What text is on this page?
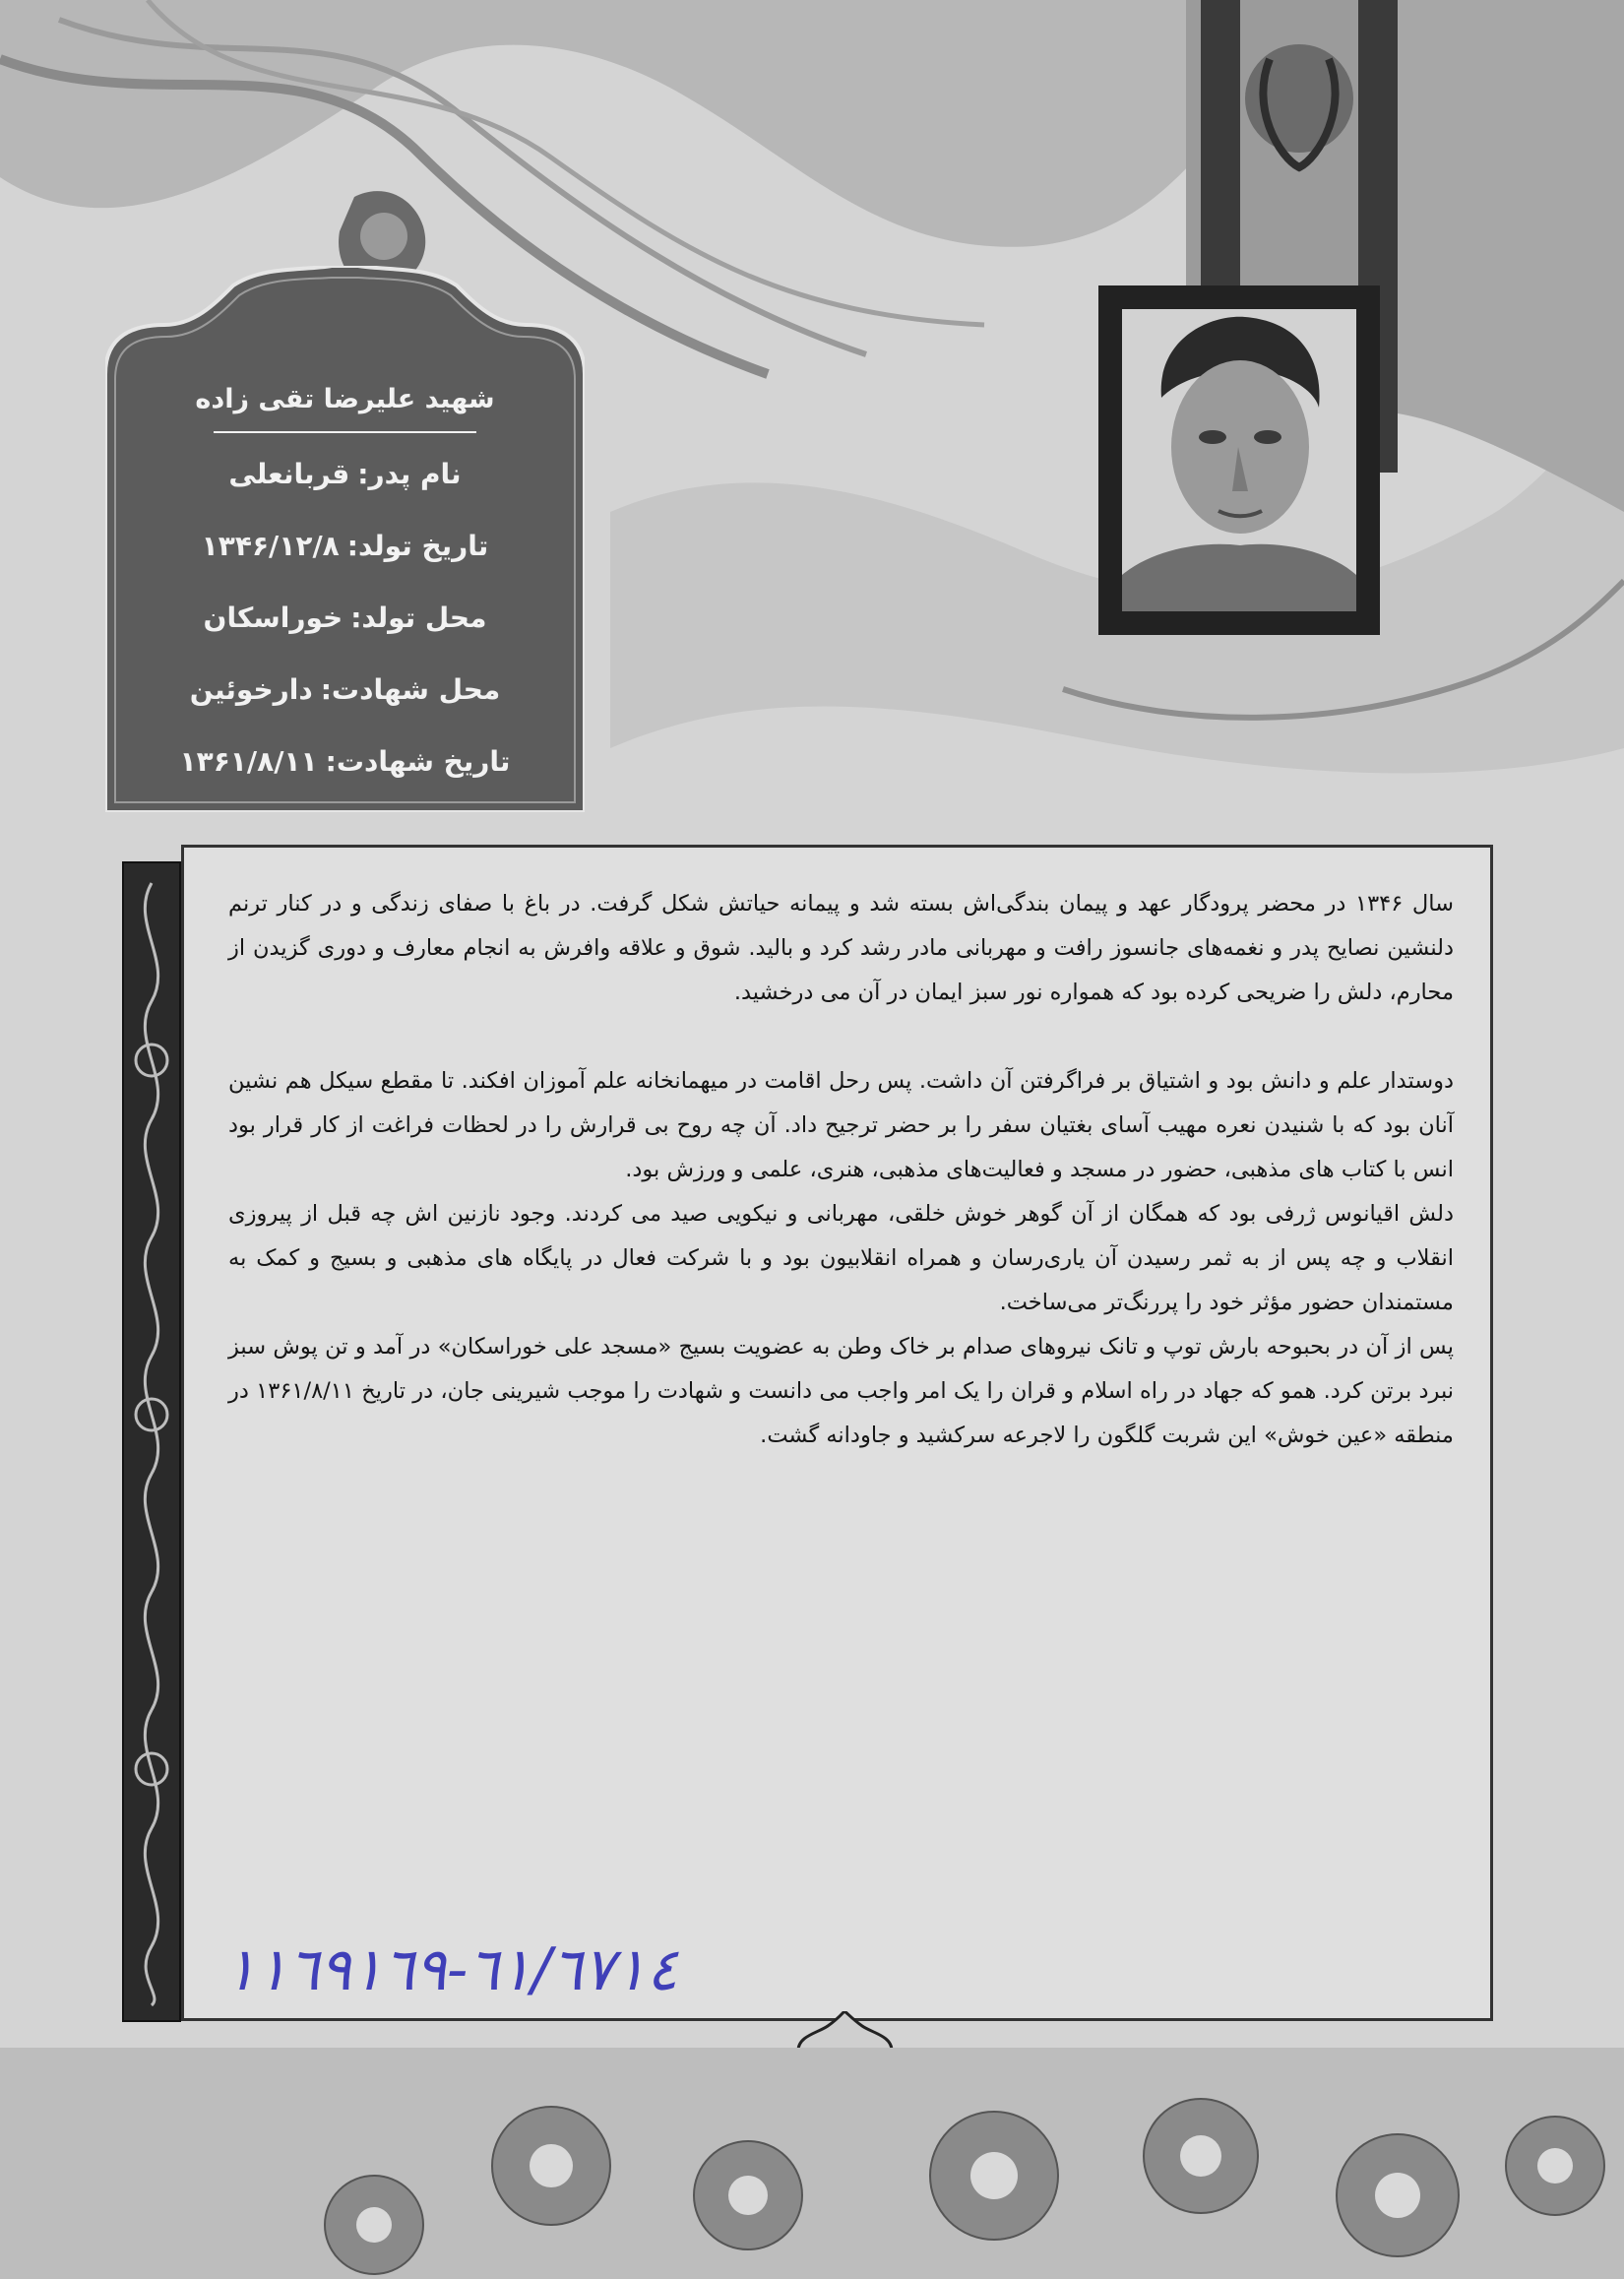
شهید علیرضا تقی زاده
نام پدر:قربانعلی
تاریخ تولد:۱۳۴۶/۱۲/۸
محل تولد:خوراسکان
محل شهادت:دارخوئین
تاریخ شهادت:۱۳۶۱/۸/۱۱

سال ۱۳۴۶ در محضر پرودگار عهد و پیمان بندگی‌اش بسته شد و پیمانه حیاتش شکل گرفت. در باغ با صفای زندگی و در کنار ترنم دلنشین نصایح پدر و نغمه‌های جانسوز رافت و مهربانی مادر رشد کرد و بالید. شوق و علاقه وافرش به انجام معارف و دوری گزیدن از محارم، دلش را ضریحی کرده بود که همواره نور سبز ایمان در آن می درخشید.

دوستدار علم و دانش بود و اشتیاق بر فراگرفتن آن داشت. پس رحل اقامت در میهمانخانه علم آموزان افکند. تا مقطع سیکل هم نشین آنان بود که با شنیدن نعره مهیب آسای بغتیان سفر را بر حضر ترجیح داد. آن چه روح بی قرارش را در لحظات فراغت از کار قرار بود انس با کتاب های مذهبی، حضور در مسجد و فعالیت‌های مذهبی، هنری، علمی و ورزش بود.

دلش اقیانوس ژرفی بود که همگان از آن گوهر خوش خلقی، مهربانی و نیکویی صید می کردند. وجود نازنین اش چه قبل از پیروزی انقلاب و چه پس از به ثمر رسیدن آن یاری‌رسان و همراه انقلابیون بود و با شرکت فعال در پایگاه های مذهبی و بسیج و کمک به مستمندان حضور مؤثر خود را پررنگ‌تر می‌ساخت.

پس از آن در بحبوحه بارش توپ و تانک نیروهای صدام بر خاک وطن به عضویت بسیج «مسجد علی خوراسکان» در آمد و تن پوش سبز نبرد برتن کرد. همو که جهاد در راه اسلام و قران را یک امر واجب می دانست و شهادت را موجب شیرینی جان، در تاریخ ۱۳۶۱/۸/۱۱ در منطقه «عین خوش» این شربت گلگون را لاجرعه سرکشید و جاودانه گشت.

٦١/٦٧١٤-١١٦٩١٦٩
